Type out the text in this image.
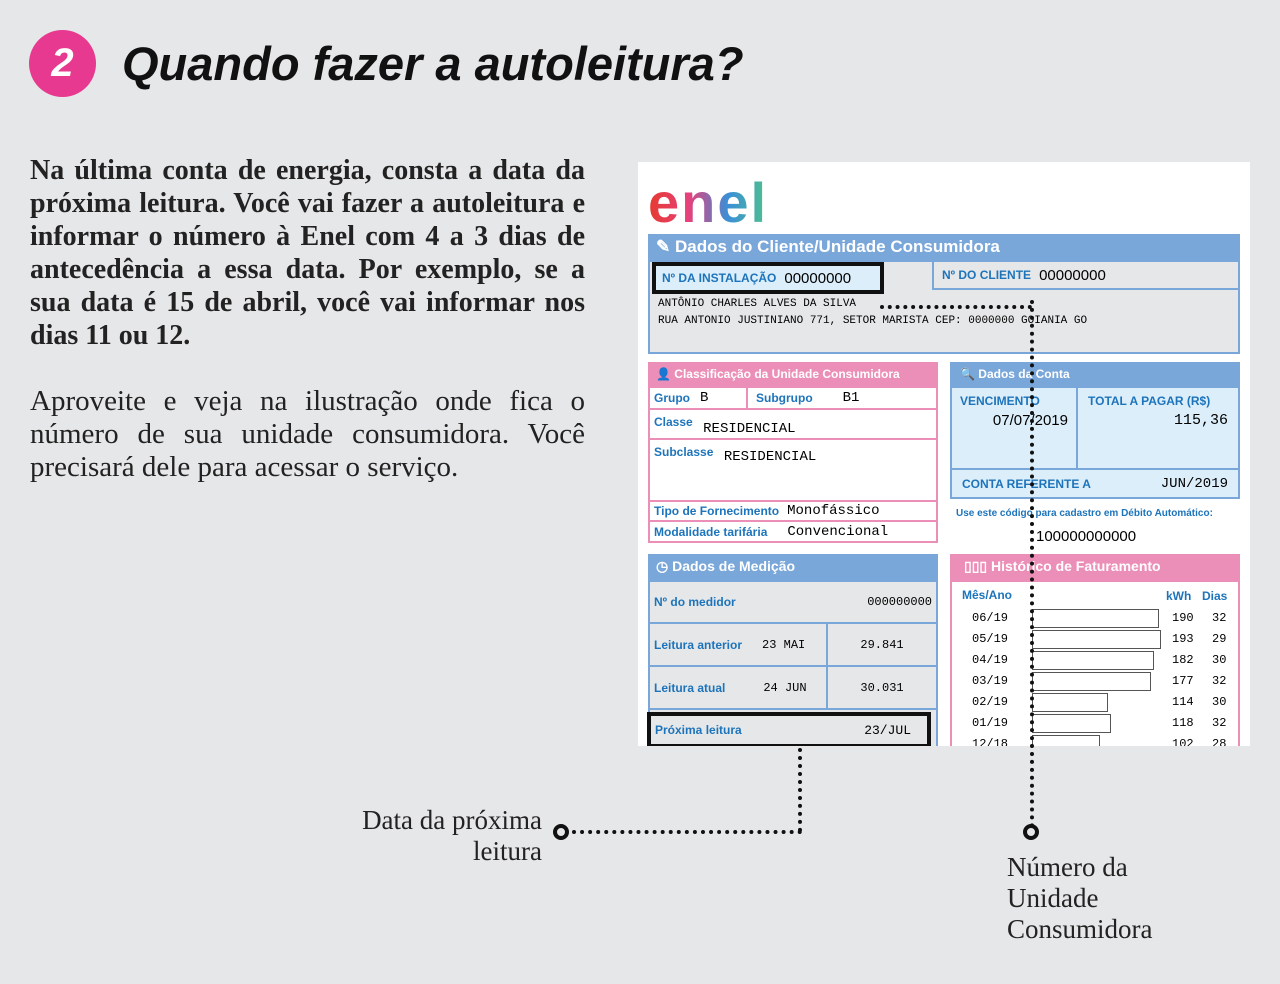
2	Quando fazer a autoleitura?

Na última conta de energia, consta a data da próxima leitura. Você vai fazer a autoleitura e informar o número à Enel com 4 a 3 dias de antecedência a essa data. Por exemplo, se a sua data é 15 de abril, você vai informar nos dias 11 ou 12.

Aproveite e veja na ilustração onde fica o número de sua unidade consumidora. Você precisará dele para acessar o serviço.

enel
✎ Dados do Cliente/Unidade Consumidora
Nº DA INSTALAÇÃO 00000000	Nº DO CLIENTE 00000000
ANTÔNIO CHARLES ALVES DA SILVA
RUA ANTONIO JUSTINIANO 771, SETOR MARISTA CEP: 0000000 GOIANIA GO
👤 Classificação da Unidade Consumidora
Grupo B	Subgrupo B1
Classe RESIDENCIAL
Subclasse RESIDENCIAL
Tipo de Fornecimento Monofássico
Modalidade tarifária Convencional
🔍 Dados da Conta
VENCIMENTO
07/07/2019
TOTAL A PAGAR (R$)
115,36
CONTA REFERENTE A	JUN/2019
Use este código para cadastro em Débito Automático:
100000000000
◷ Dados de Medição
Nº do medidor	000000000
Leitura anterior 23 MAI	29.841
Leitura atual	24 JUN	30.031
Próxima leitura	23/JUL
▯▯▯ Histórico de Faturamento
Mês/Ano	kWh Dias
06/19	190 32
05/19	193 29
04/19	182 30
03/19	177 32
02/19	114 30
01/19	118 32
12/18	102 28
Número da Unidade Consumidora
Data da próxima leitura
